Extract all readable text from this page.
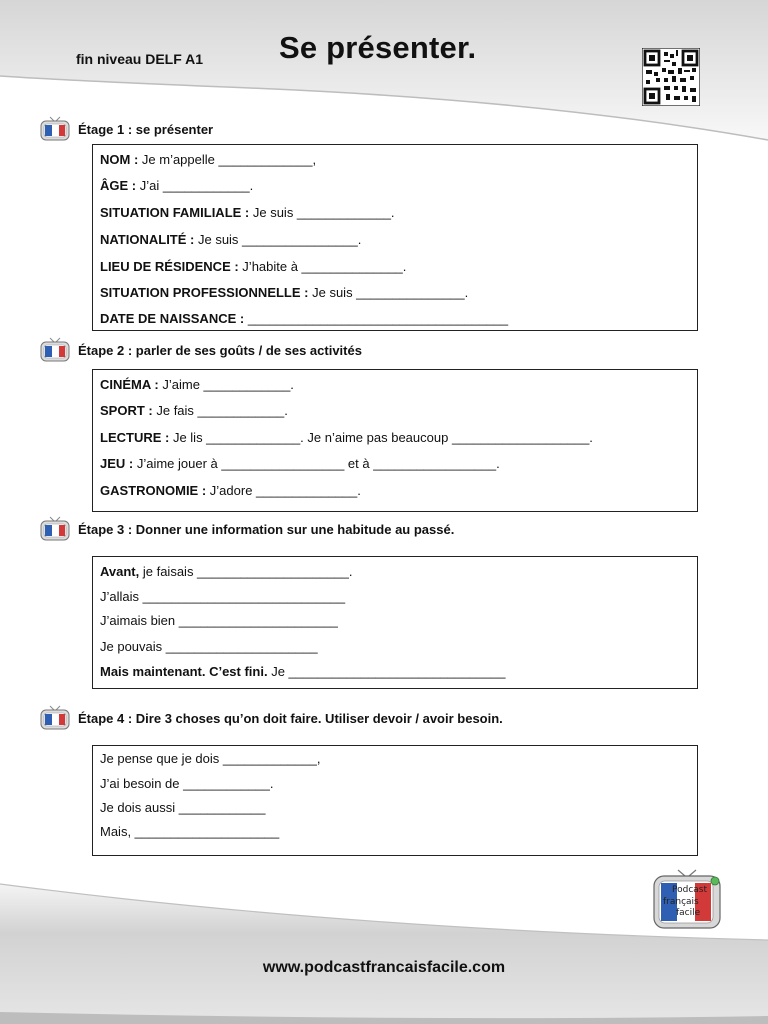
fin niveau DELF A1 Se présenter.
Étage 1 : se présenter
NOM : Je m’appelle _____________,
ÂGE : J’ai ____________.
SITUATION FAMILIALE : Je suis _____________.
NATIONALITÉ : Je suis ________________.
LIEU DE RÉSIDENCE : J’habite à ______________.
SITUATION PROFESSIONNELLE : Je suis _______________.
DATE DE NAISSANCE : ____________________________________
Étape 2 : parler de ses goûts / de ses activités
CINÉMA : J’aime ____________.
SPORT : Je fais ____________.
LECTURE : Je lis _____________. Je n’aime pas beaucoup ___________________.
JEU : J’aime jouer à _________________ et à _________________.
GASTRONOMIE : J’adore ______________.
Étape 3 : Donner une information sur une habitude au passé.
Avant, je faisais _____________________.
J’allais ____________________________
J’aimais bien ______________________
Je pouvais _____________________
Mais maintenant. C’est fini. Je ______________________________
Étape 4 : Dire 3 choses qu’on doit faire. Utiliser devoir / avoir besoin.
Je pense que je dois _____________,
J’ai besoin de ____________.
Je dois aussi ____________
Mais, ____________________
Podcast
français
facile
www.podcastfrancaisfacile.com
